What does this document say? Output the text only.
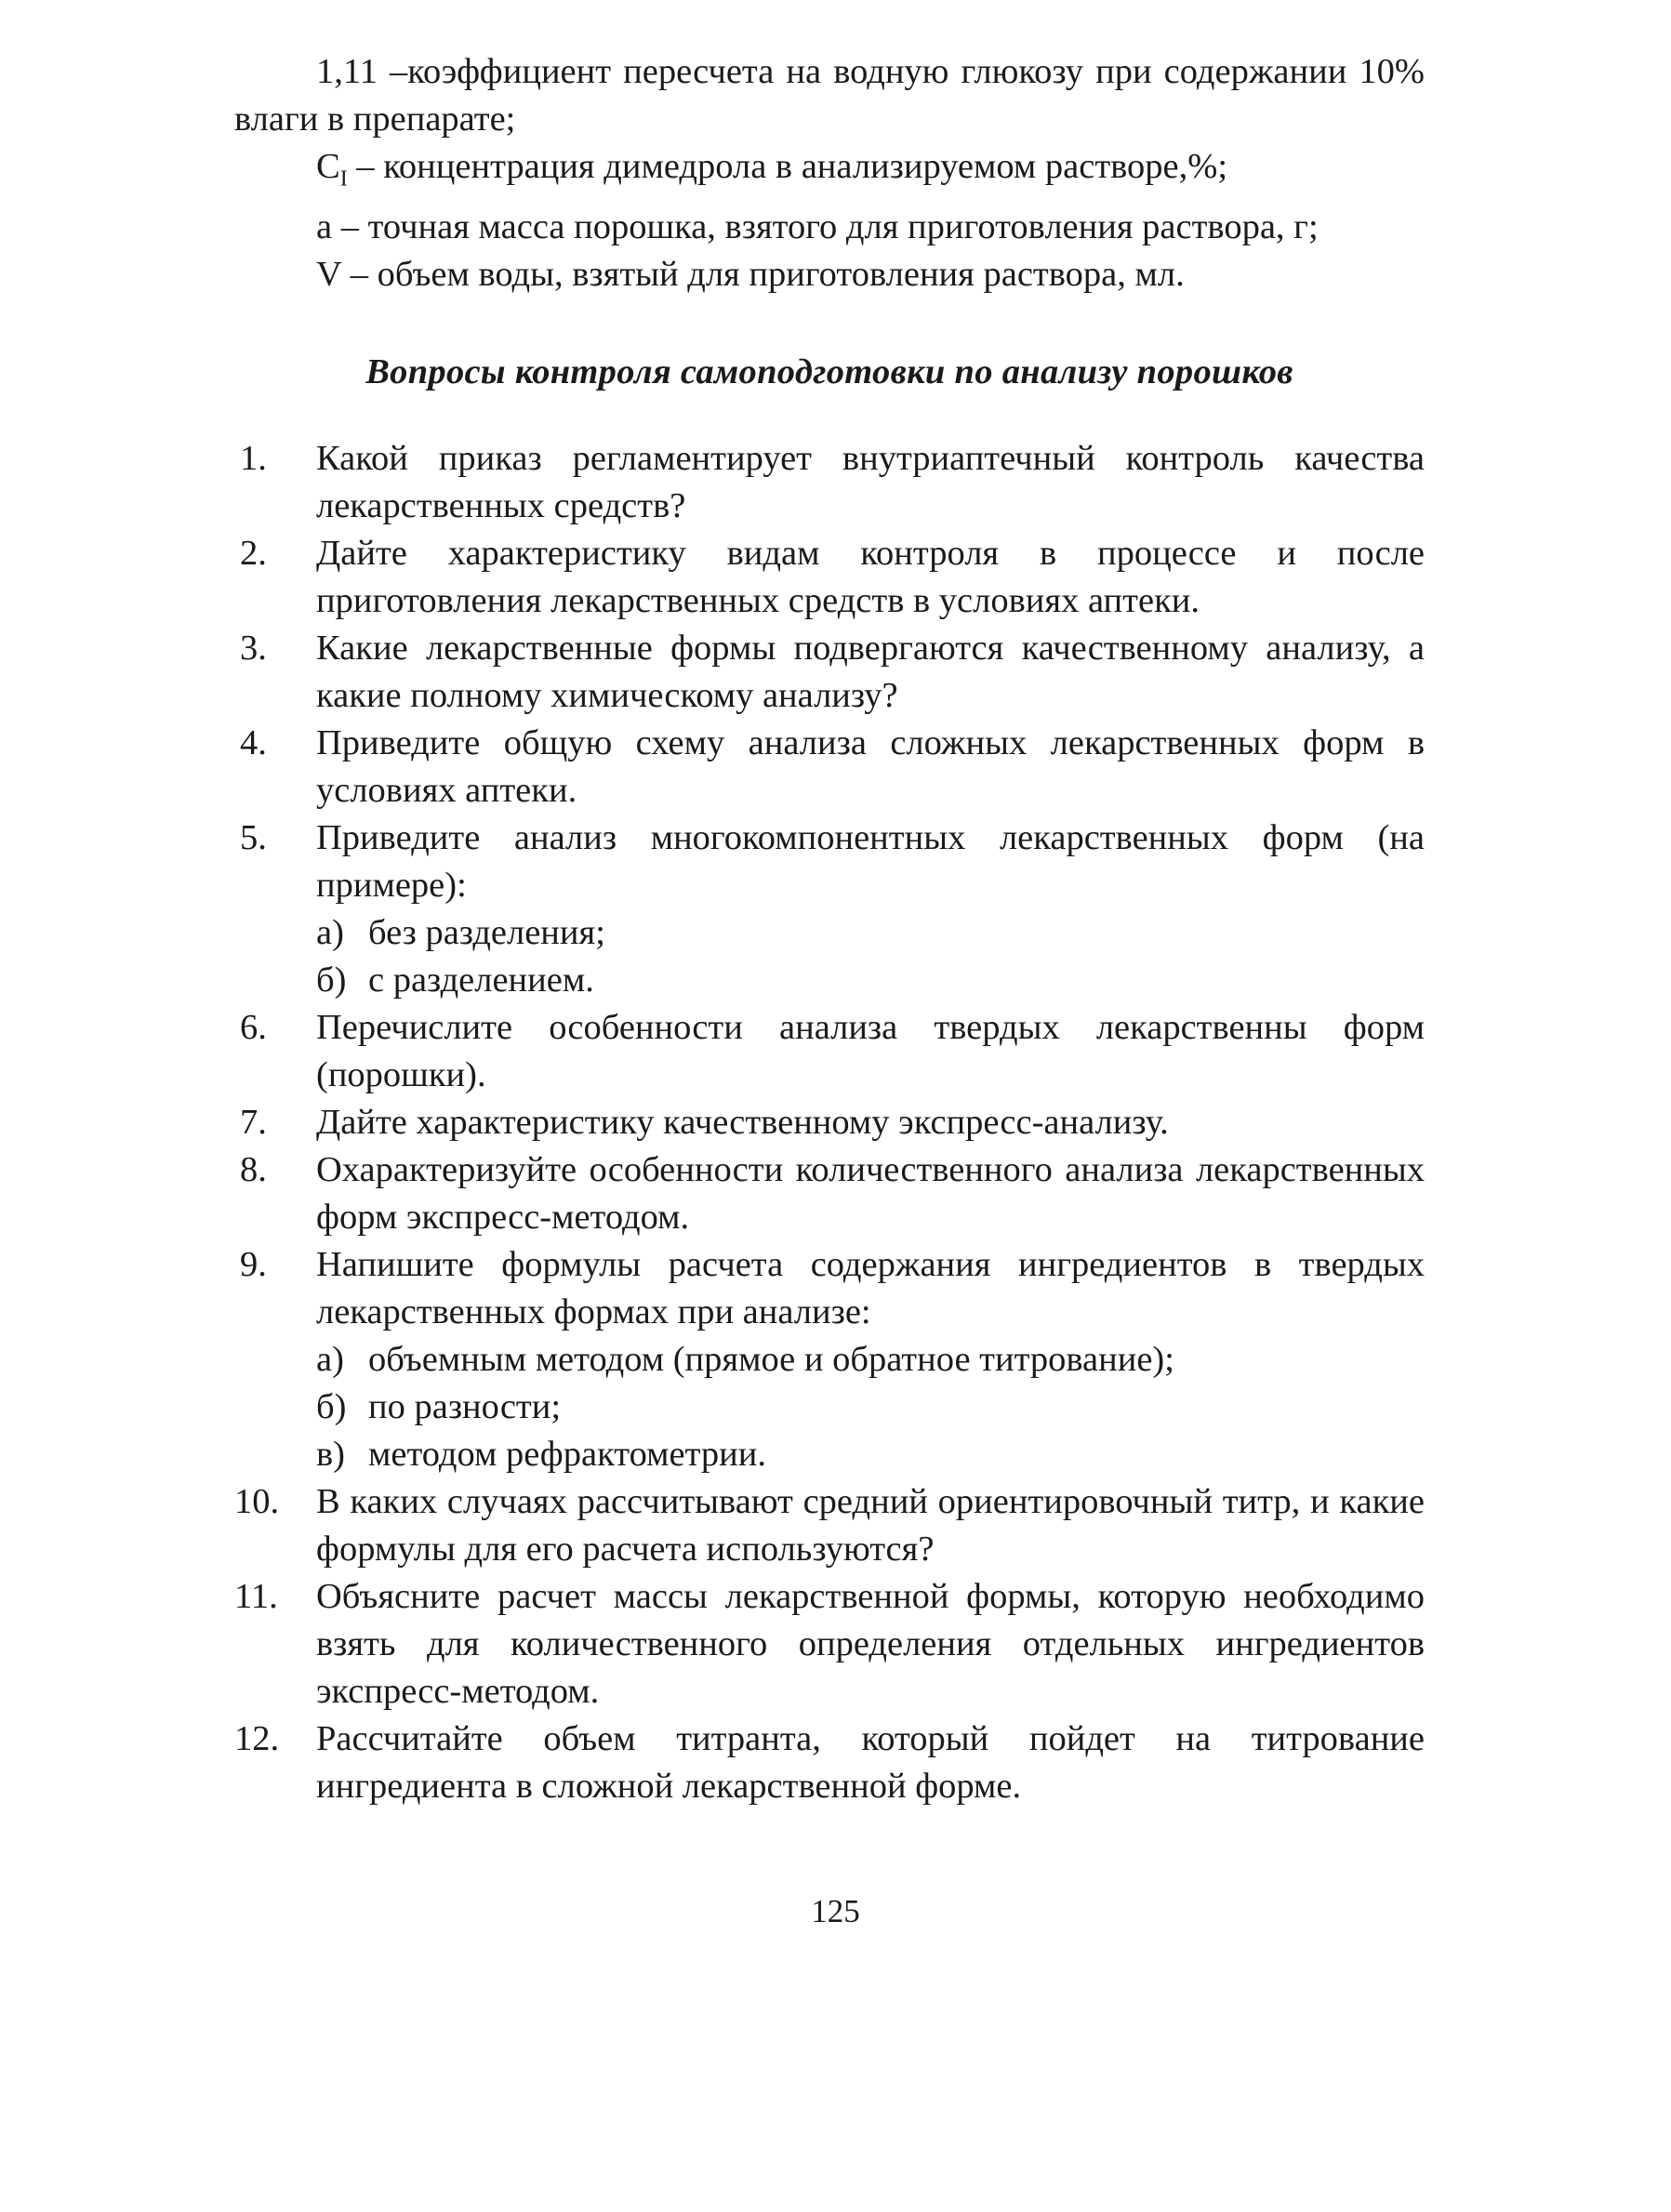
1,11 –коэффициент пересчета на водную глюкозу при содержании 10% влаги в препарате;

$C_I$ – концентрация димедрола в анализируемом растворе,%;

a – точная масса порошка, взятого для приготовления раствора, г;

V – объем воды, взятый для приготовления раствора, мл.

Вопросы контроля самоподготовки по анализу порошков
1.	Какой приказ регламентирует внутриаптечный контроль качества лекарственных средств?
2.	Дайте характеристику видам контроля в процессе и после приготовления лекарственных средств в условиях аптеки.
3.	Какие лекарственные формы подвергаются качественному анализу, а какие полному химическому анализу?
4.	Приведите общую схему анализа сложных лекарственных форм в условиях аптеки.
5.	Приведите анализ многокомпонентных лекарственных форм (на примере):
а) без разделения;
б) с разделением.
6.	Перечислите особенности анализа твердых лекарственны форм (порошки).
7.	Дайте характеристику качественному экспресс-анализу.
8.	Охарактеризуйте особенности количественного анализа лекарственных форм экспресс-методом.
9.	Напишите формулы расчета содержания ингредиентов в твердых лекарственных формах при анализе:
а) объемным методом (прямое и обратное титрование);
б) по разности;
в) методом рефрактометрии.
10.	В каких случаях рассчитывают средний ориентировочный титр, и какие формулы для его расчета используются?
11.	Объясните расчет массы лекарственной формы, которую необходимо взять для количественного определения отдельных ингредиентов экспресс-методом.
12.	Рассчитайте объем титранта, который пойдет на титрование ингредиента в сложной лекарственной форме.
125
